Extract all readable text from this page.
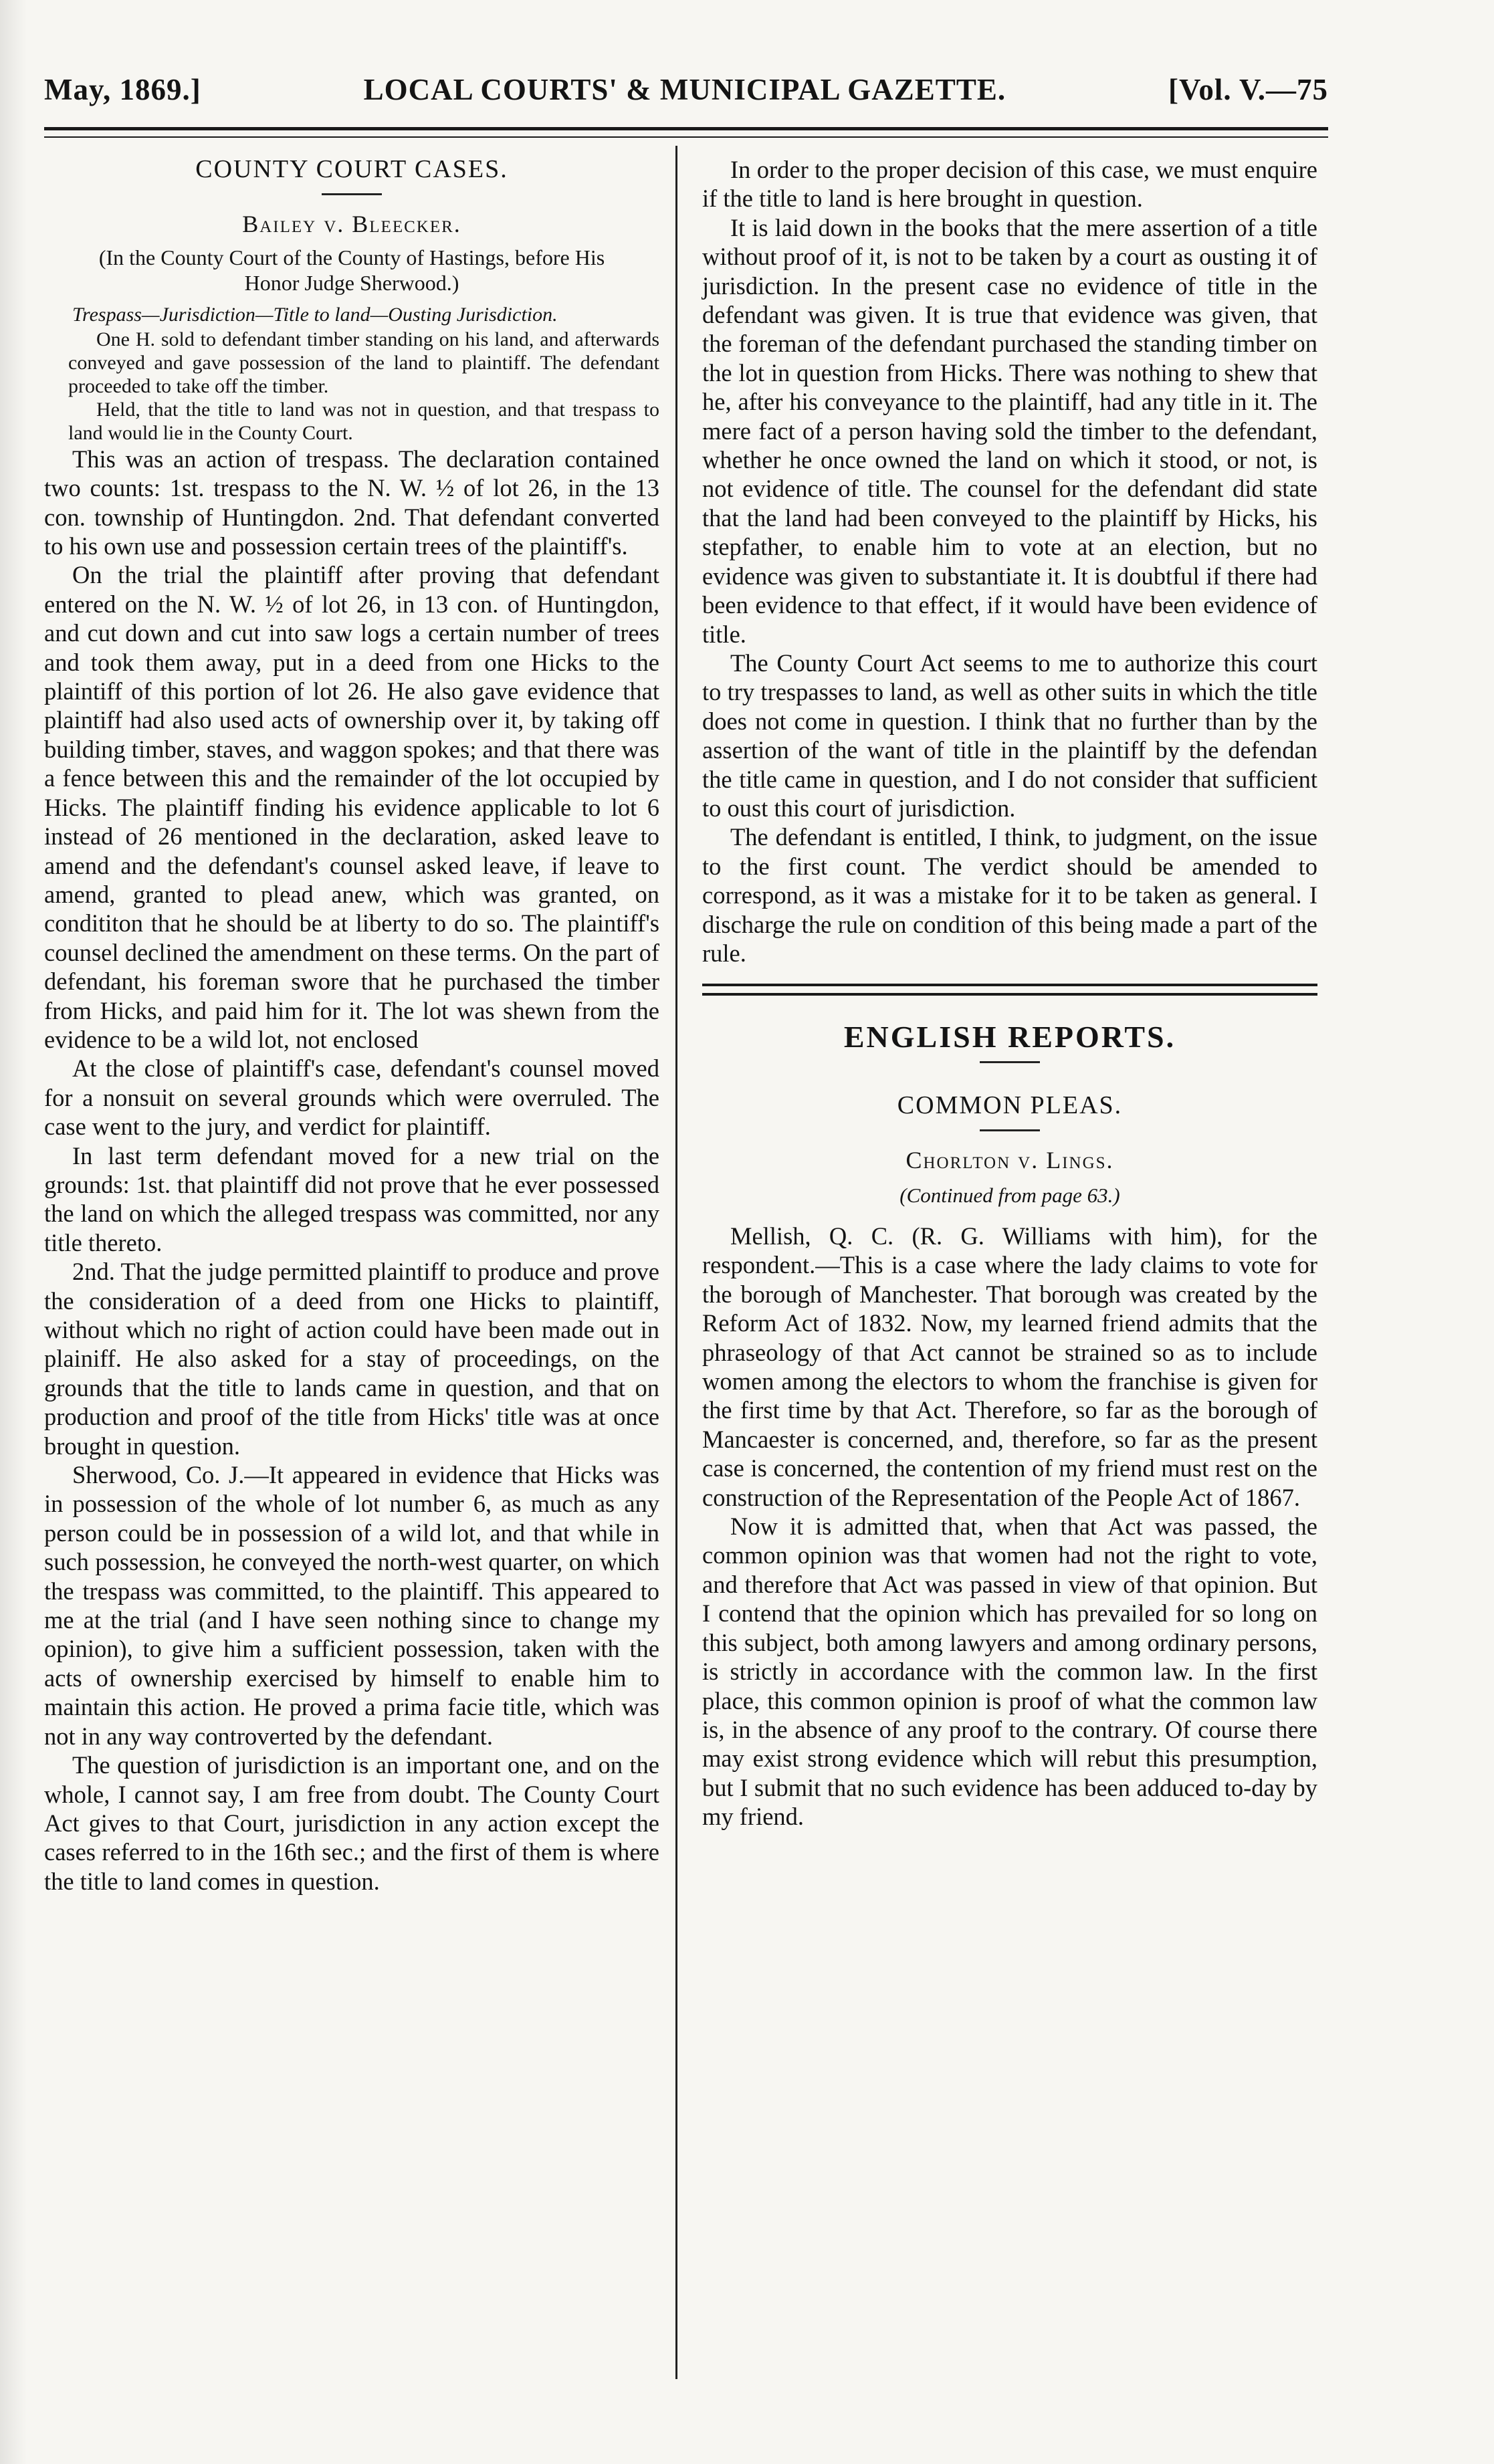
May, 1869.]	LOCAL COURTS' & MUNICIPAL GAZETTE.	[Vol. V.—75
COUNTY COURT CASES.
Bailey v. Bleecker.
(In the County Court of the County of Hastings, before His Honor Judge Sherwood.)

Trespass—Jurisdiction—Title to land—Ousting Jurisdiction.

One H. sold to defendant timber standing on his land, and afterwards conveyed and gave possession of the land to plaintiff. The defendant proceeded to take off the timber.

Held, that the title to land was not in question, and that trespass to land would lie in the County Court.

This was an action of trespass. The declaration contained two counts: 1st. trespass to the N. W. ½ of lot 26, in the 13 con. township of Huntingdon. 2nd. That defendant converted to his own use and possession certain trees of the plaintiff's.

On the trial the plaintiff after proving that defendant entered on the N. W. ½ of lot 26, in 13 con. of Huntingdon, and cut down and cut into saw logs a certain number of trees and took them away, put in a deed from one Hicks to the plaintiff of this portion of lot 26. He also gave evidence that plaintiff had also used acts of ownership over it, by taking off building timber, staves, and waggon spokes; and that there was a fence between this and the remainder of the lot occupied by Hicks. The plaintiff finding his evidence applicable to lot 6 instead of 26 mentioned in the declaration, asked leave to amend and the defendant's counsel asked leave, if leave to amend, granted to plead anew, which was granted, on condititon that he should be at liberty to do so. The plaintiff's counsel declined the amendment on these terms. On the part of defendant, his foreman swore that he purchased the timber from Hicks, and paid him for it. The lot was shewn from the evidence to be a wild lot, not enclosed

At the close of plaintiff's case, defendant's counsel moved for a nonsuit on several grounds which were overruled. The case went to the jury, and verdict for plaintiff.

In last term defendant moved for a new trial on the grounds: 1st. that plaintiff did not prove that he ever possessed the land on which the alleged trespass was committed, nor any title thereto.

2nd. That the judge permitted plaintiff to produce and prove the consideration of a deed from one Hicks to plaintiff, without which no right of action could have been made out in plainiff. He also asked for a stay of proceedings, on the grounds that the title to lands came in question, and that on production and proof of the title from Hicks' title was at once brought in question.

Sherwood, Co. J.—It appeared in evidence that Hicks was in possession of the whole of lot number 6, as much as any person could be in possession of a wild lot, and that while in such possession, he conveyed the north-west quarter, on which the trespass was committed, to the plaintiff. This appeared to me at the trial (and I have seen nothing since to change my opinion), to give him a sufficient possession, taken with the acts of ownership exercised by himself to enable him to maintain this action. He proved a prima facie title, which was not in any way controverted by the defendant.

The question of jurisdiction is an important one, and on the whole, I cannot say, I am free from doubt. The County Court Act gives to that Court, jurisdiction in any action except the cases referred to in the 16th sec.; and the first of them is where the title to land comes in question.

In order to the proper decision of this case, we must enquire if the title to land is here brought in question.

It is laid down in the books that the mere assertion of a title without proof of it, is not to be taken by a court as ousting it of jurisdiction. In the present case no evidence of title in the defendant was given. It is true that evidence was given, that the foreman of the defendant purchased the standing timber on the lot in question from Hicks. There was nothing to shew that he, after his conveyance to the plaintiff, had any title in it. The mere fact of a person having sold the timber to the defendant, whether he once owned the land on which it stood, or not, is not evidence of title. The counsel for the defendant did state that the land had been conveyed to the plaintiff by Hicks, his stepfather, to enable him to vote at an election, but no evidence was given to substantiate it. It is doubtful if there had been evidence to that effect, if it would have been evidence of title.

The County Court Act seems to me to authorize this court to try trespasses to land, as well as other suits in which the title does not come in question. I think that no further than by the assertion of the want of title in the plaintiff by the defendan the title came in question, and I do not consider that sufficient to oust this court of jurisdiction.

The defendant is entitled, I think, to judgment, on the issue to the first count. The verdict should be amended to correspond, as it was a mistake for it to be taken as general. I discharge the rule on condition of this being made a part of the rule.

ENGLISH REPORTS.
COMMON PLEAS.
Chorlton v. Lings.
(Continued from page 63.)

Mellish, Q. C. (R. G. Williams with him), for the respondent.—This is a case where the lady claims to vote for the borough of Manchester. That borough was created by the Reform Act of 1832. Now, my learned friend admits that the phraseology of that Act cannot be strained so as to include women among the electors to whom the franchise is given for the first time by that Act. Therefore, so far as the borough of Mancaester is concerned, and, therefore, so far as the present case is concerned, the contention of my friend must rest on the construction of the Representation of the People Act of 1867.

Now it is admitted that, when that Act was passed, the common opinion was that women had not the right to vote, and therefore that Act was passed in view of that opinion. But I contend that the opinion which has prevailed for so long on this subject, both among lawyers and among ordinary persons, is strictly in accordance with the common law. In the first place, this common opinion is proof of what the common law is, in the absence of any proof to the contrary. Of course there may exist strong evidence which will rebut this presumption, but I submit that no such evidence has been adduced to-day by my friend.
